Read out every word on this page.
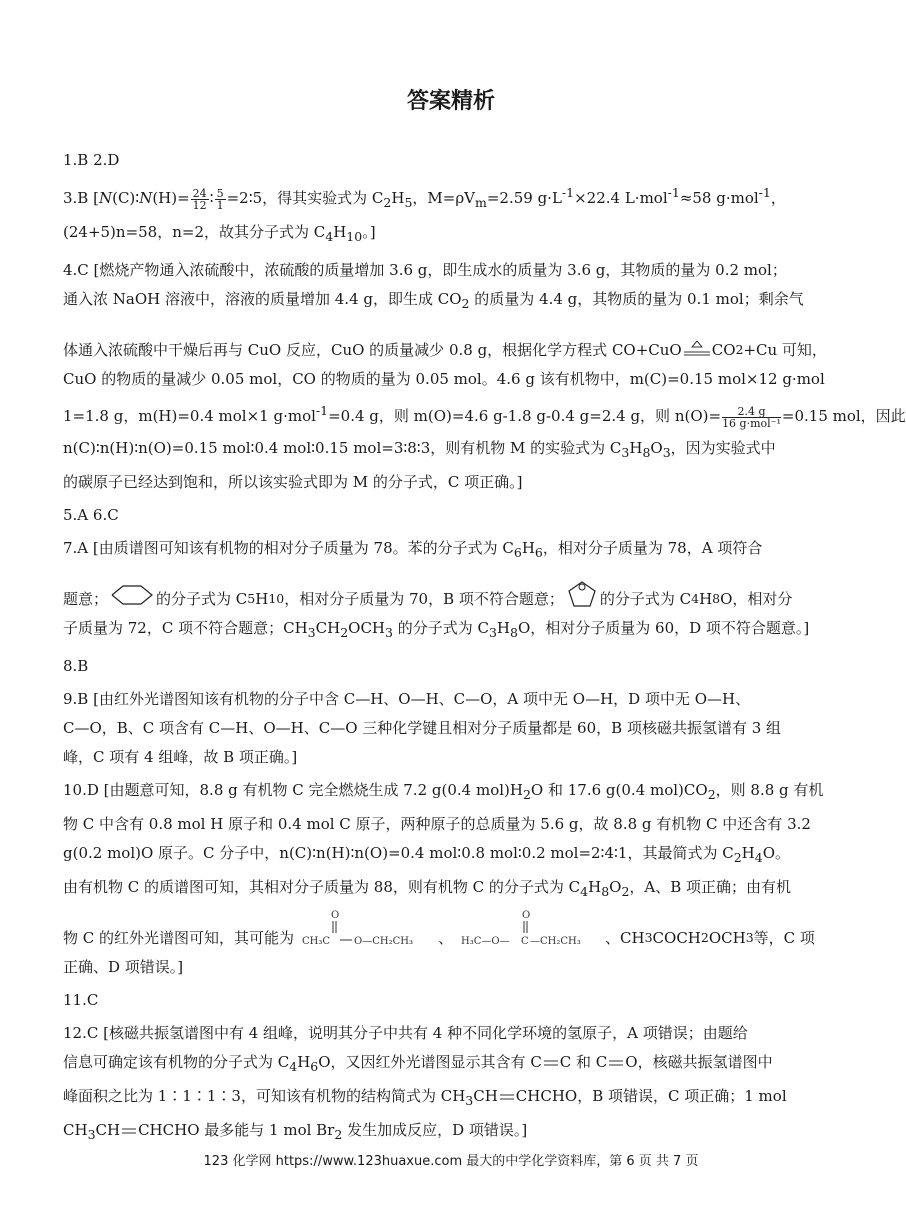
答案精析

1.B 2.D

3.B [N(C)∶N(H)= $\frac{24}{12}$ ∶ $\frac{5}{1}$ =2∶5，得其实验式为 $C_2H_5$，$M=\rho V_m=2.59$ $g\cdot L^{-1}\times 22.4$ L·mol$^{-1}$≈58 g·mol$^{-1}$，

(24+5)n=58，n=2，故其分子式为 $C_4H_{10}$。]

4.C [燃烧产物通入浓硫酸中，浓硫酸的质量增加 3.6 g，即生成水的质量为 3.6 g，其物质的量为 0.2 mol；

通入浓 NaOH 溶液中，溶液的质量增加 4.4 g，即生成 $CO_2$ 的质量为 4.4 g，其物质的量为 0.1 mol；剩余气

体通入浓硫酸中干燥后再与 CuO 反应，CuO 的质量减少 0.8 g，根据化学方程式 CO+CuO CO 2 +Cu 可知，

CuO 的物质的量减少 0.05 mol，CO 的物质的量为 0.05 mol。4.6 g 该有机物中，m(C)=0.15 mol×12 g·mol

1=1.8 g，m(H)=0.4 mol×1 g·mol$^{-1}$=0.4 g，则 m(O)=4.6 g-1.8 g-0.4 g=2.4 g，则 $n(O)= \frac{2.4 g}{\text{16 g·mol⁻¹}} =0.15$ mol，因此

n(C)∶n(H)∶n(O)=0.15 mol∶0.4 mol∶0.15 mol=3∶8∶3，则有机物 M 的实验式为 $C_3H_8O_3$，因为实验式中

的碳原子已经达到饱和，所以该实验式即为 M 的分子式，C 项正确。]

5.A 6.C

7.A [由质谱图可知该有机物的相对分子质量为 78。苯的分子式为 $C_6H_6$，相对分子质量为 78，A 项符合

题意；	的分子式为 C 5 H 10 ，相对分子质量为 70，B 项不符合题意； 的分子式为 C 4 H 8 O，相对分

子质量为 72，C 项不符合题意；$CH_3CH_2OCH_3$ 的分子式为 $C_3H_8O$，相对分子质量为 60，D 项不符合题意。]

8.B

9.B [由红外光谱图知该有机物的分子中含 C—H、O—H、C—O，A 项中无 O—H，D 项中无 O—H、

C—O，B、C 项含有 C—H、O—H、C—O 三种化学键且相对分子质量都是 60，B 项核磁共振氢谱有 3 组

峰，C 项有 4 组峰，故 B 项正确。]

10.D [由题意可知，8.8 g 有机物 C 完全燃烧生成 7.2 g(0.4 $mol)H_2O$ 和 17.6 g(0.4 $mol)CO_2$，则 8.8 g 有机

物 C 中含有 0.8 mol H 原子和 0.4 mol C 原子，两种原子的总质量为 5.6 g，故 8.8 g 有机物 C 中还含有 3.2

g(0.2 mol)O 原子。C 分子中，n(C)∶n(H)∶n(O)=0.4 mol∶0.8 mol∶0.2 mol=2∶4∶1，其最简式为 $C_2H_4O$。

由有机物 C 的质谱图可知，其相对分子质量为 88，则有机物 C 的分子式为 $C_4H_8O_2$，A、B 项正确；由有机

物 C 的红外光谱图可知，其可能为
O
CH₃C O—CH₂CH₃ 、
O
H₃C—O— C —CH₂CH₃ 、CH 3 COCH 2 OCH 3 等，C 项

正确、D 项错误。]

11.C

12.C [核磁共振氢谱图中有 4 组峰，说明其分子中共有 4 种不同化学环境的氢原子，A 项错误；由题给

信息可确定该有机物的分子式为 $C_4H_6O$，又因红外光谱图显示其含有 C C 和 C O，核磁共振氢谱图中

峰面积之比为 1∶1∶1∶3，可知该有机物的结构简式为 $CH_3CH$ CHCHO，B 项错误，C 项正确；1 mol

$CH_3CH$ CHCHO 最多能与 1 mol $Br_2$ 发生加成反应，D 项错误。]

123 化学网 https://www.123huaxue.com 最大的中学化学资料库，第 6 页 共 7 页
